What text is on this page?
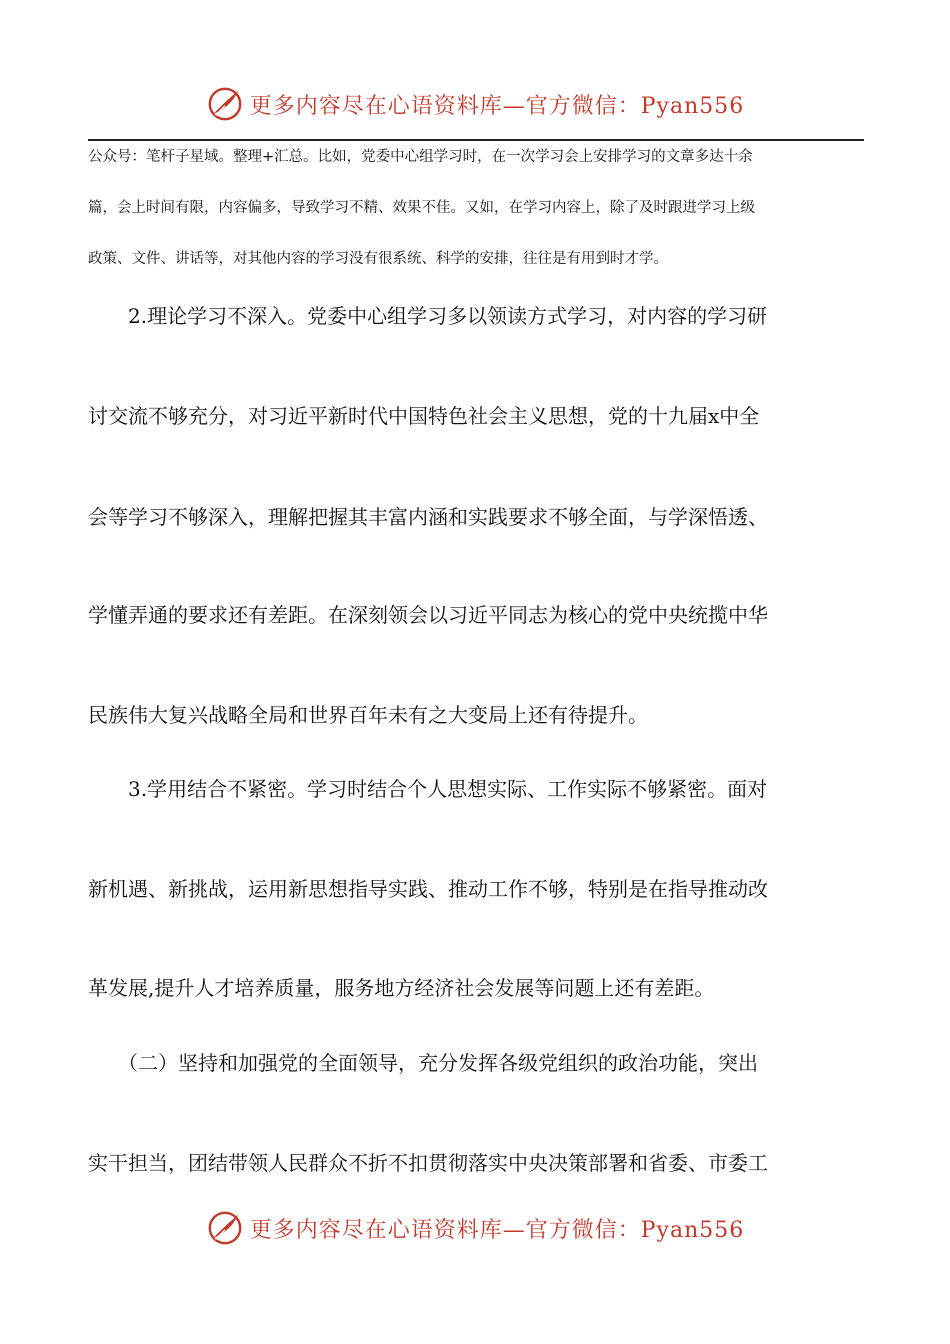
更多内容尽在心语资料库—官方微信：Pyan556

公众号：笔杆子星域。整理+汇总。比如，党委中心组学习时，在一次学习会上安排学习的文章多达十余

篇，会上时间有限，内容偏多，导致学习不精、效果不佳。又如，在学习内容上，除了及时跟进学习上级

政策、文件、讲话等，对其他内容的学习没有很系统、科学的安排，往往是有用到时才学。

　　2.理论学习不深入。党委中心组学习多以领读方式学习，对内容的学习研

讨交流不够充分，对习近平新时代中国特色社会主义思想，党的十九届x中全

会等学习不够深入，理解把握其丰富内涵和实践要求不够全面，与学深悟透、

学懂弄通的要求还有差距。在深刻领会以习近平同志为核心的党中央统揽中华

民族伟大复兴战略全局和世界百年未有之大变局上还有待提升。

　　3.学用结合不紧密。学习时结合个人思想实际、工作实际不够紧密。面对

新机遇、新挑战，运用新思想指导实践、推动工作不够，特别是在指导推动改

革发展,提升人才培养质量，服务地方经济社会发展等问题上还有差距。

　　（二）坚持和加强党的全面领导，充分发挥各级党组织的政治功能，突出

实干担当，团结带领人民群众不折不扣贯彻落实中央决策部署和省委、市委工

更多内容尽在心语资料库—官方微信：Pyan556
